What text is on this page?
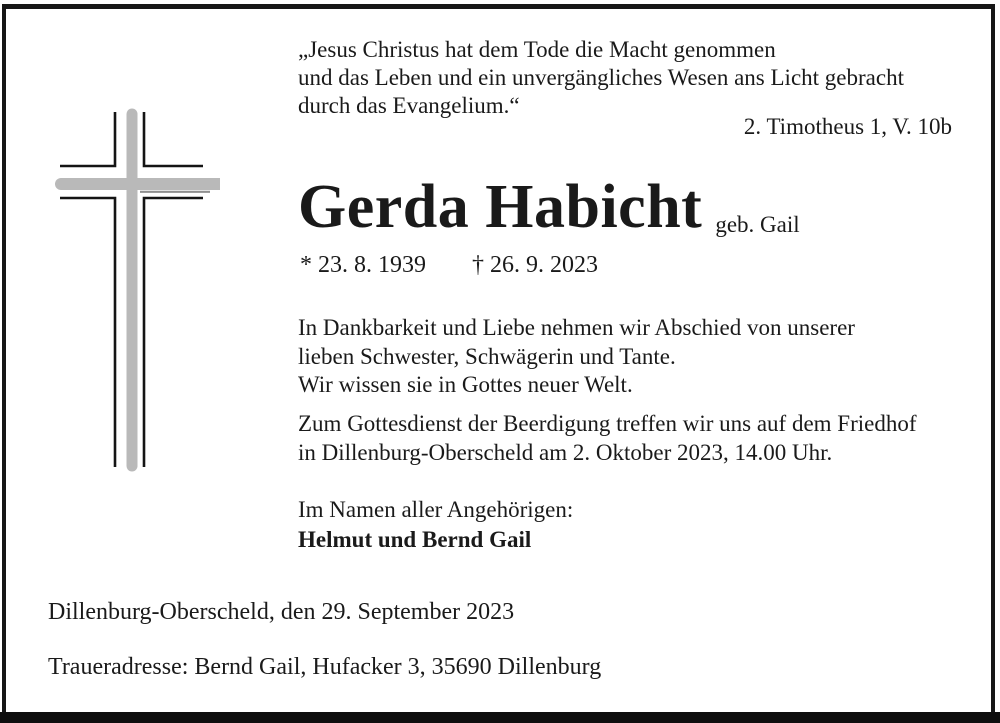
„Jesus Christus hat dem Tode die Macht genommen
und das Leben und ein unvergängliches Wesen ans Licht gebracht
durch das Evangelium.“
2. Timotheus 1, V. 10b
Gerda Habicht geb. Gail
* 23. 8. 1939 † 26. 9. 2023
In Dankbarkeit und Liebe nehmen wir Abschied von unserer
lieben Schwester, Schwägerin und Tante.
Wir wissen sie in Gottes neuer Welt.
Zum Gottesdienst der Beerdigung treffen wir uns auf dem Friedhof
in Dillenburg-Oberscheld am 2. Oktober 2023, 14.00 Uhr.
Im Namen aller Angehörigen:
Helmut und Bernd Gail
Dillenburg-Oberscheld, den 29. September 2023
Traueradresse: Bernd Gail, Hufacker 3, 35690 Dillenburg
